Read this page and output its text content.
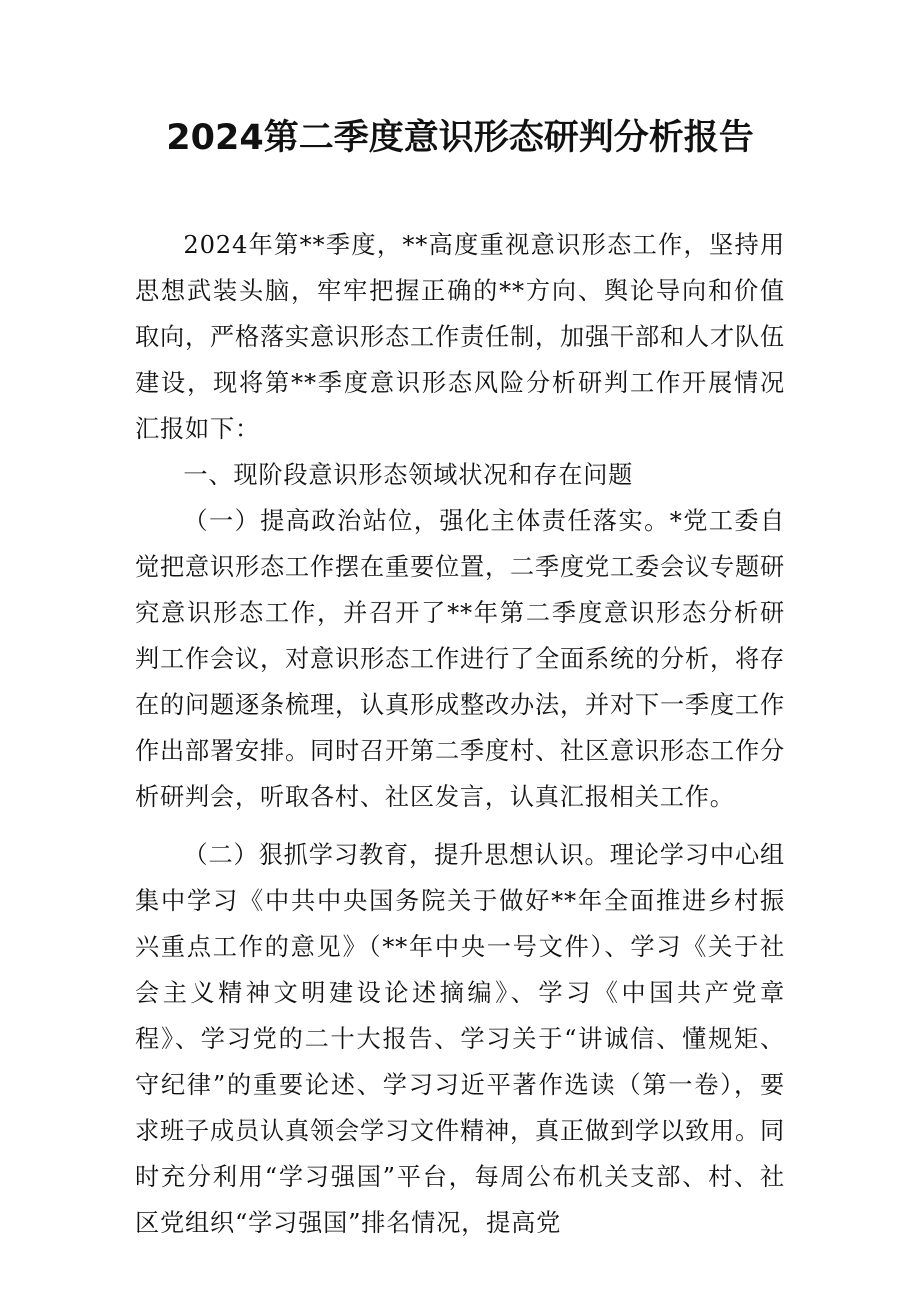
2024第二季度意识形态研判分析报告

2024年第**季度，**高度重视意识形态工作，坚持用思想武装头脑，牢牢把握正确的**方向、舆论导向和价值取向，严格落实意识形态工作责任制，加强干部和人才队伍建设，现将第**季度意识形态风险分析研判工作开展情况汇报如下：

一、现阶段意识形态领域状况和存在问题

（一）提高政治站位，强化主体责任落实。*党工委自觉把意识形态工作摆在重要位置，二季度党工委会议专题研究意识形态工作，并召开了**年第二季度意识形态分析研判工作会议，对意识形态工作进行了全面系统的分析，将存在的问题逐条梳理，认真形成整改办法，并对下一季度工作作出部署安排。同时召开第二季度村、社区意识形态工作分析研判会，听取各村、社区发言，认真汇报相关工作。

（二）狠抓学习教育，提升思想认识。理论学习中心组集中学习《中共中央国务院关于做好**年全面推进乡村振兴重点工作的意见》（**年中央一号文件）、学习《关于社会主义精神文明建设论述摘编》、学习《中国共产党章程》、学习党的二十大报告、学习关于“讲诚信、懂规矩、守纪律”的重要论述、学习习近平著作选读（第一卷），要求班子成员认真领会学习文件精神，真正做到学以致用。同时充分利用“学习强国”平台，每周公布机关支部、村、社区党组织“学习强国”排名情况，提高党
